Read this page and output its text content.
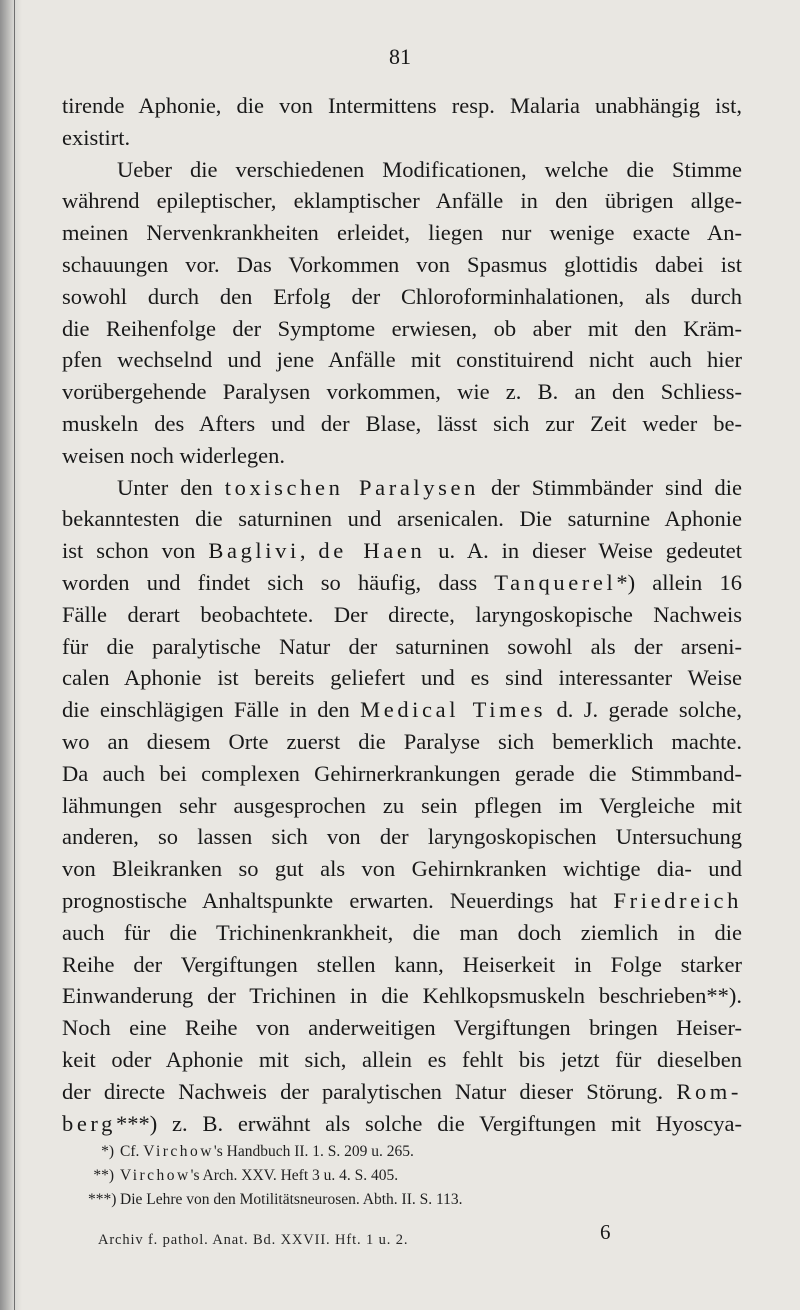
81
tirende Aphonie, die von Intermittens resp. Malaria unabhängig ist,
existirt.
Ueber die verschiedenen Modificationen, welche die Stimme
während epileptischer, eklamptischer Anfälle in den übrigen allge-
meinen Nervenkrankheiten erleidet, liegen nur wenige exacte An-
schauungen vor. Das Vorkommen von Spasmus glottidis dabei ist
sowohl durch den Erfolg der Chloroforminhalationen, als durch
die Reihenfolge der Symptome erwiesen, ob aber mit den Kräm-
pfen wechselnd und jene Anfälle mit constituirend nicht auch hier
vorübergehende Paralysen vorkommen, wie z. B. an den Schliess-
muskeln des Afters und der Blase, lässt sich zur Zeit weder be-
weisen noch widerlegen.
Unter den toxischen Paralysen der Stimmbänder sind die
bekanntesten die saturninen und arsenicalen. Die saturnine Aphonie
ist schon von Baglivi, de Haen u. A. in dieser Weise gedeutet
worden und findet sich so häufig, dass Tanquerel*) allein 16
Fälle derart beobachtete. Der directe, laryngoskopische Nachweis
für die paralytische Natur der saturninen sowohl als der arseni-
calen Aphonie ist bereits geliefert und es sind interessanter Weise
die einschlägigen Fälle in den Medical Times d. J. gerade solche,
wo an diesem Orte zuerst die Paralyse sich bemerklich machte.
Da auch bei complexen Gehirnerkrankungen gerade die Stimmband-
lähmungen sehr ausgesprochen zu sein pflegen im Vergleiche mit
anderen, so lassen sich von der laryngoskopischen Untersuchung
von Bleikranken so gut als von Gehirnkranken wichtige dia- und
prognostische Anhaltspunkte erwarten. Neuerdings hat Friedreich
auch für die Trichinenkrankheit, die man doch ziemlich in die
Reihe der Vergiftungen stellen kann, Heiserkeit in Folge starker
Einwanderung der Trichinen in die Kehlkopsmuskeln beschrieben**).
Noch eine Reihe von anderweitigen Vergiftungen bringen Heiser-
keit oder Aphonie mit sich, allein es fehlt bis jetzt für dieselben
der directe Nachweis der paralytischen Natur dieser Störung. Rom-
berg***) z. B. erwähnt als solche die Vergiftungen mit Hyoscya-
*) Cf. Virchow's Handbuch II. 1. S. 209 u. 265.
**) Virchow's Arch. XXV. Heft 3 u. 4. S. 405.
***) Die Lehre von den Motilitätsneurosen. Abth. II. S. 113.
Archiv f. pathol. Anat. Bd. XXVII. Hft. 1 u. 2.	6
